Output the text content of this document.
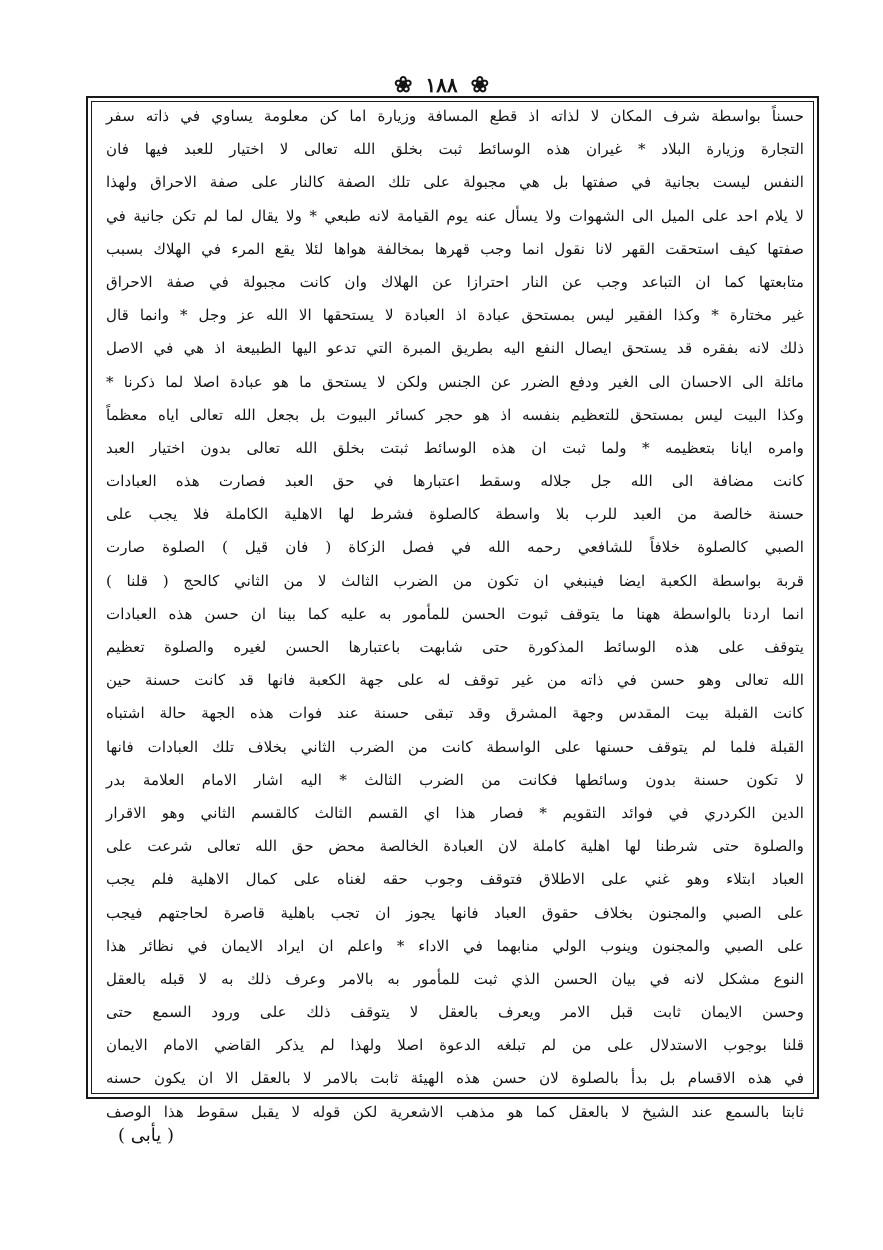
❀ ١٨٨ ❀
حسناً بواسطة شرف المكان لا لذاته اذ قطع المسافة وزيارة اما كن معلومة يساوي في ذاته سفر
التجارة وزيارة البلاد * غيران هذه الوسائط ثبت بخلق الله تعالى لا اختيار للعبد فيها فان
النفس ليست بجانية في صفتها بل هي مجبولة على تلك الصفة كالنار على صفة الاحراق ولهذا
لا يلام احد على الميل الى الشهوات ولا يسأل عنه يوم القيامة لانه طبعي * ولا يقال لما لم تكن جانية في
صفتها كيف استحقت القهر لانا نقول انما وجب قهرها بمخالفة هواها لئلا يقع المرء في الهلاك بسبب
متابعتها كما ان التباعد وجب عن النار احترازا عن الهلاك وان كانت مجبولة في صفة الاحراق
غير مختارة * وكذا الفقير ليس بمستحق عبادة اذ العبادة لا يستحقها الا الله عز وجل * وانما قال
ذلك لانه بفقره قد يستحق ايصال النفع اليه بطريق المبرة التي تدعو اليها الطبيعة اذ هي في الاصل
مائلة الى الاحسان الى الغير ودفع الضرر عن الجنس ولكن لا يستحق ما هو عبادة اصلا لما ذكرنا *
وكذا البيت ليس بمستحق للتعظيم بنفسه اذ هو حجر كسائر البيوت بل بجعل الله تعالى اياه معظماً
وامره ايانا بتعظيمه * ولما ثبت ان هذه الوسائط ثبتت بخلق الله تعالى بدون اختيار العبد
كانت مضافة الى الله جل جلاله وسقط اعتبارها في حق العبد فصارت هذه العبادات
حسنة خالصة من العبد للرب بلا واسطة كالصلوة فشرط لها الاهلية الكاملة فلا يجب على
الصبي كالصلوة خلافاً للشافعي رحمه الله في فصل الزكاة ( فان قيل ) الصلوة صارت
قربة بواسطة الكعبة ايضا فينبغي ان تكون من الضرب الثالث لا من الثاني كالحج ( قلنا )
انما اردنا بالواسطة ههنا ما يتوقف ثبوت الحسن للمأمور به عليه كما بينا ان حسن هذه العبادات
يتوقف على هذه الوسائط المذكورة حتى شابهت باعتبارها الحسن لغيره والصلوة تعظيم
الله تعالى وهو حسن في ذاته من غير توقف له على جهة الكعبة فانها قد كانت حسنة حين
كانت القبلة بيت المقدس وجهة المشرق وقد تبقى حسنة عند فوات هذه الجهة حالة اشتباه
القبلة فلما لم يتوقف حسنها على الواسطة كانت من الضرب الثاني بخلاف تلك العبادات فانها
لا تكون حسنة بدون وسائطها فكانت من الضرب الثالث * اليه اشار الامام العلامة بدر
الدين الكردري في فوائد التقويم * فصار هذا اي القسم الثالث كالقسم الثاني وهو الاقرار
والصلوة حتى شرطنا لها اهلية كاملة لان العبادة الخالصة محض حق الله تعالى شرعت على
العباد ابتلاء وهو غني على الاطلاق فتوقف وجوب حقه لغناه على كمال الاهلية فلم يجب
على الصبي والمجنون بخلاف حقوق العباد فانها يجوز ان تجب باهلية قاصرة لحاجتهم فيجب
على الصبي والمجنون وينوب الولي منابهما في الاداء * واعلم ان ايراد الايمان في نظائر هذا
النوع مشكل لانه في بيان الحسن الذي ثبت للمأمور به بالامر وعرف ذلك به لا قبله بالعقل
وحسن الايمان ثابت قبل الامر ويعرف بالعقل لا يتوقف ذلك على ورود السمع حتى
قلنا بوجوب الاستدلال على من لم تبلغه الدعوة اصلا ولهذا لم يذكر القاضي الامام الايمان
في هذه الاقسام بل بدأ بالصلوة لان حسن هذه الهيئة ثابت بالامر لا بالعقل الا ان يكون حسنه
ثابتا بالسمع عند الشيخ لا بالعقل كما هو مذهب الاشعرية لكن قوله لا يقبل سقوط هذا الوصف
( يأبى )
